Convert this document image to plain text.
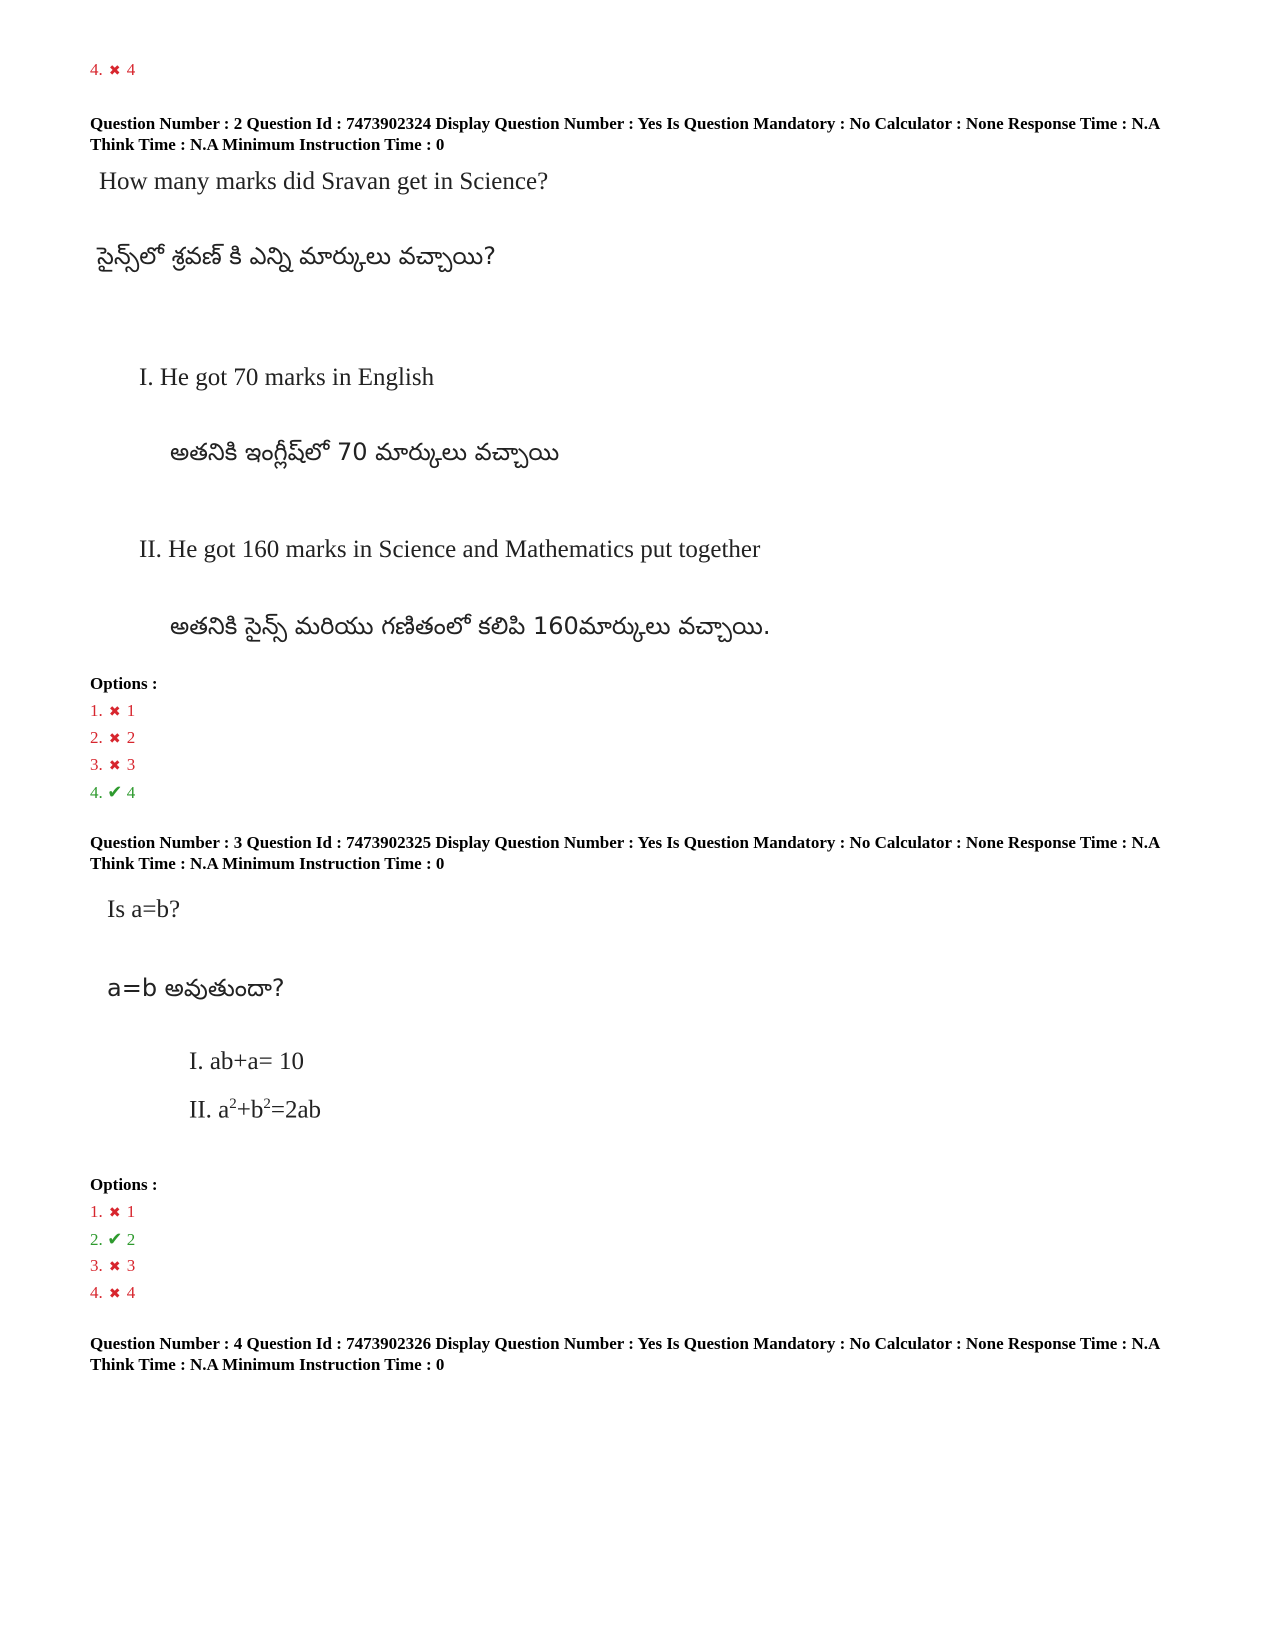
4. ✖ 4
Question Number : 2 Question Id : 7473902324 Display Question Number : Yes Is Question Mandatory : No Calculator : None Response Time : N.A Think Time : N.A Minimum Instruction Time : 0
How many marks did Sravan get in Science?
సైన్స్‌లో శ్రవణ్ కి ఎన్ని మార్కులు వచ్చాయి?
I. He got 70 marks in English
అతనికి ఇంగ్లీష్‌లో 70 మార్కులు వచ్చాయి
II. He got 160 marks in Science and Mathematics put together
అతనికి సైన్స్ మరియు గణితంలో కలిపి 160మార్కులు వచ్చాయి.
Options :
1. ✖ 1
2. ✖ 2
3. ✖ 3
4. ✔ 4
Question Number : 3 Question Id : 7473902325 Display Question Number : Yes Is Question Mandatory : No Calculator : None Response Time : N.A Think Time : N.A Minimum Instruction Time : 0
Is a=b?
a=b అవుతుందా?
I. ab+a= 10
II. $a^2+b^2=2ab$
Options :
1. ✖ 1
2. ✔ 2
3. ✖ 3
4. ✖ 4
Question Number : 4 Question Id : 7473902326 Display Question Number : Yes Is Question Mandatory : No Calculator : None Response Time : N.A Think Time : N.A Minimum Instruction Time : 0
